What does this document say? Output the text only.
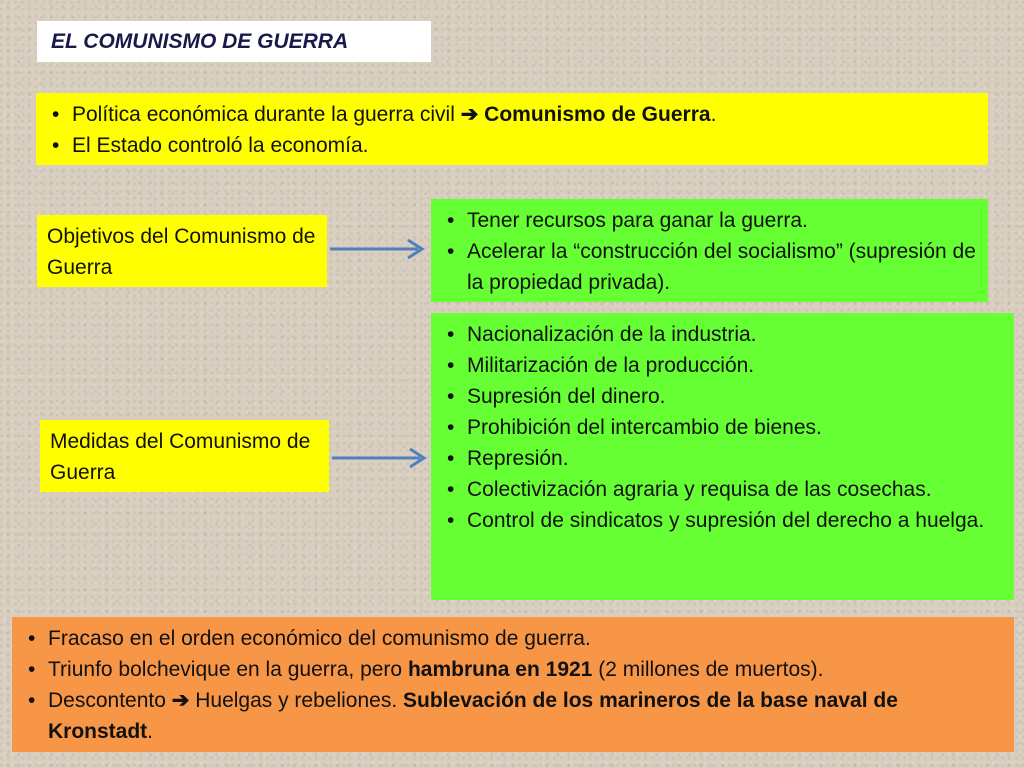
EL COMUNISMO DE GUERRA
• Política económica durante la guerra civil ➔ Comunismo de Guerra.
• El Estado controló la economía.
Objetivos del Comunismo de Guerra
• Tener recursos para ganar la guerra.
• Acelerar la “construcción del socialismo” (supresión de la propiedad privada).
Medidas del Comunismo de Guerra
• Nacionalización de la industria.
• Militarización de la producción.
• Supresión del dinero.
• Prohibición del intercambio de bienes.
• Represión.
• Colectivización agraria y requisa de las cosechas.
• Control de sindicatos y supresión del derecho a huelga.
• Fracaso en el orden económico del comunismo de guerra.
• Triunfo bolchevique en la guerra, pero hambruna en 1921 (2 millones de muertos).
• Descontento ➔ Huelgas y rebeliones. Sublevación de los marineros de la base naval de Kronstadt.
